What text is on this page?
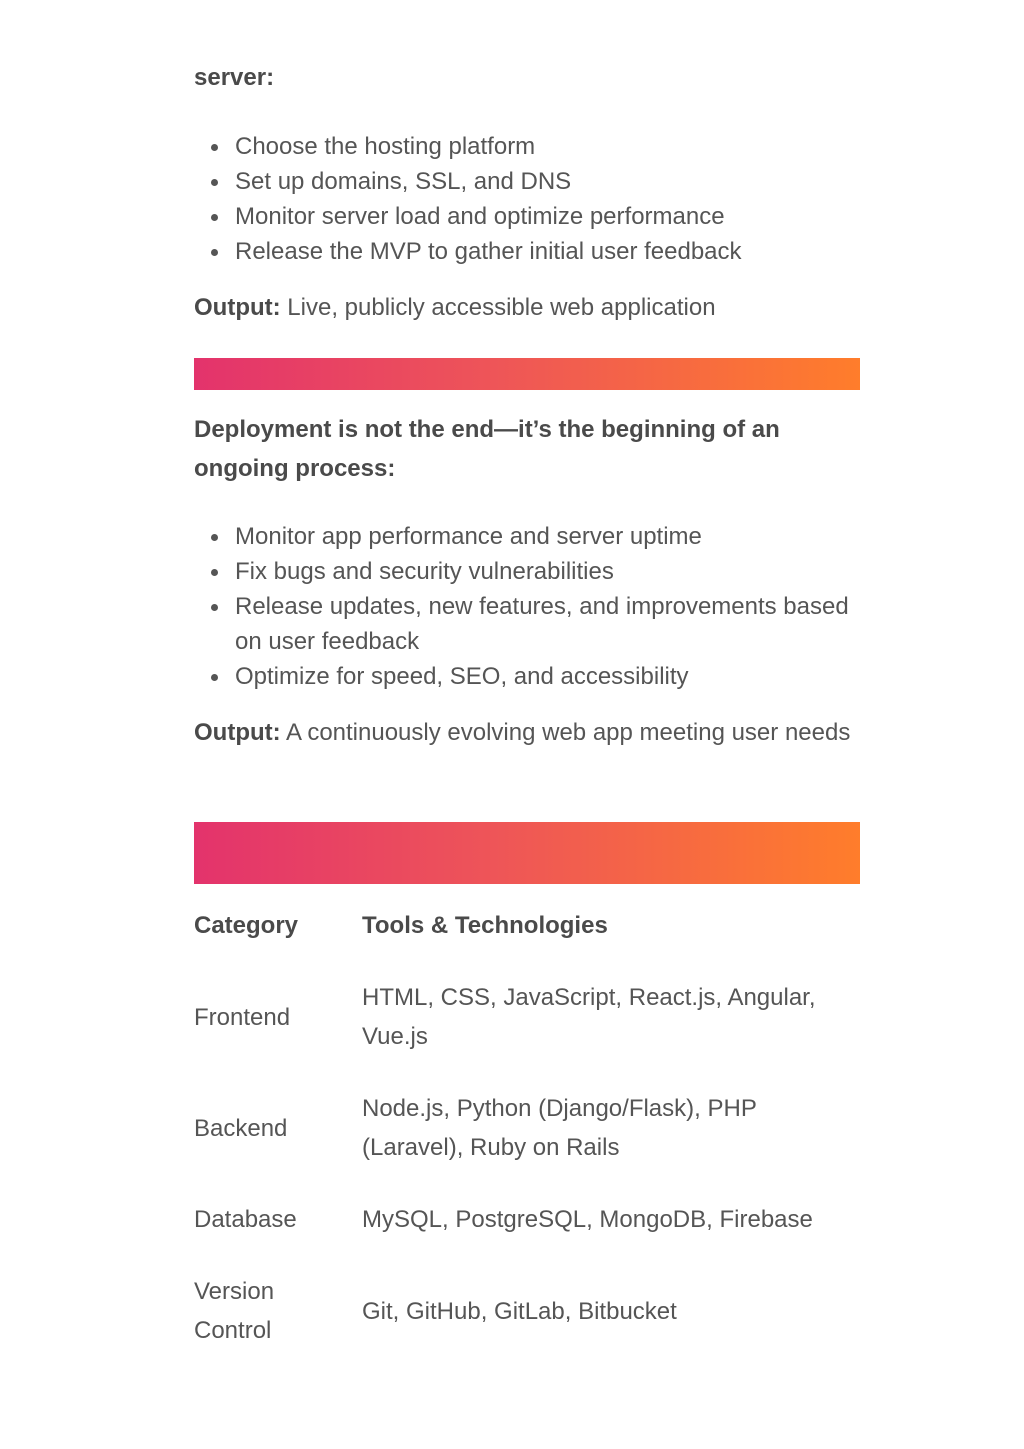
server:

Choose the hosting platform
Set up domains, SSL, and DNS
Monitor server load and optimize performance
Release the MVP to gather initial user feedback

Output: Live, publicly accessible web application

Deployment is not the end—it’s the beginning of an ongoing process:

Monitor app performance and server uptime
Fix bugs and security vulnerabilities
Release updates, new features, and improvements based on user feedback
Optimize for speed, SEO, and accessibility

Output: A continuously evolving web app meeting user needs

Category	Tools & Technologies
Frontend
HTML, CSS, JavaScript, React.js, Angular, Vue.js
Backend
Node.js, Python (Django/Flask), PHP (Laravel), Ruby on Rails
Database	MySQL, PostgreSQL, MongoDB, Firebase
Version Control
Git, GitHub, GitLab, Bitbucket
